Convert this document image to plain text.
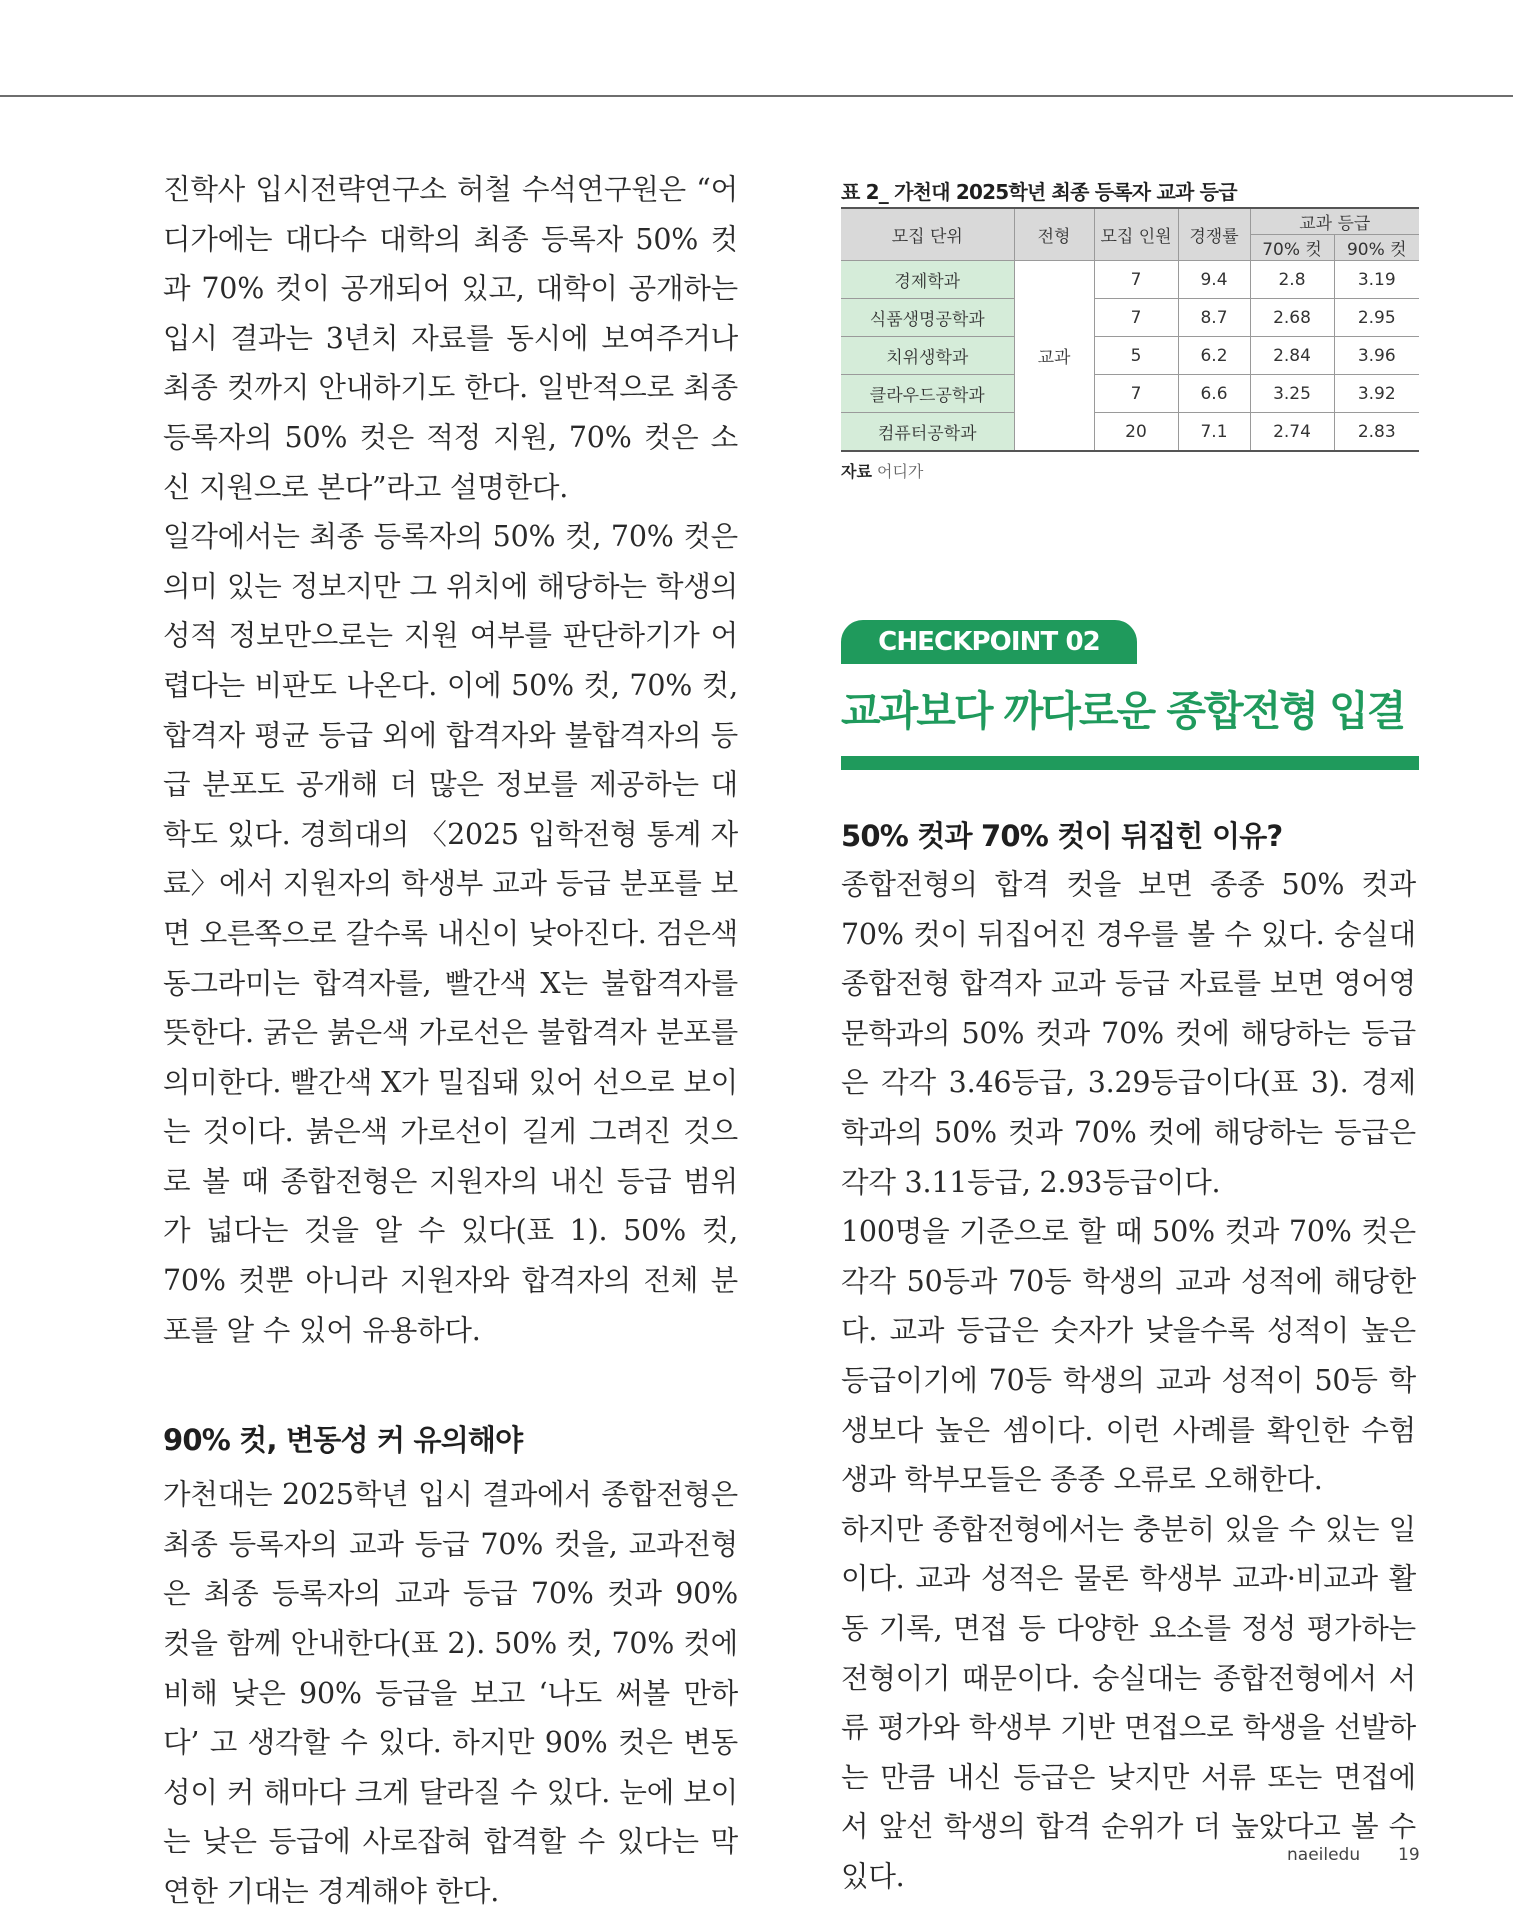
진학사 입시전략연구소 허철 수석연구원은 “어디가에는 대다수 대학의 최종 등록자 50% 컷과 70% 컷이 공개되어 있고, 대학이 공개하는 입시 결과는 3년치 자료를 동시에 보여주거나 최종 컷까지 안내하기도 한다. 일반적으로 최종 등록자의 50% 컷은 적정 지원, 70% 컷은 소신 지원으로 본다”라고 설명한다.

일각에서는 최종 등록자의 50% 컷, 70% 컷은 의미 있는 정보지만 그 위치에 해당하는 학생의 성적 정보만으로는 지원 여부를 판단하기가 어렵다는 비판도 나온다. 이에 50% 컷, 70% 컷, 합격자 평균 등급 외에 합격자와 불합격자의 등급 분포도 공개해 더 많은 정보를 제공하는 대학도 있다. 경희대의 〈2025 입학전형 통계 자료〉에서 지원자의 학생부 교과 등급 분포를 보면 오른쪽으로 갈수록 내신이 낮아진다. 검은색 동그라미는 합격자를, 빨간색 X는 불합격자를 뜻한다. 굵은 붉은색 가로선은 불합격자 분포를 의미한다. 빨간색 X가 밀집돼 있어 선으로 보이는 것이다. 붉은색 가로선이 길게 그려진 것으로 볼 때 종합전형은 지원자의 내신 등급 범위가 넓다는 것을 알 수 있다(표 1). 50% 컷, 70% 컷뿐 아니라 지원자와 합격자의 전체 분포를 알 수 있어 유용하다.

90% 컷, 변동성 커 유의해야

가천대는 2025학년 입시 결과에서 종합전형은 최종 등록자의 교과 등급 70% 컷을, 교과전형은 최종 등록자의 교과 등급 70% 컷과 90% 컷을 함께 안내한다(표 2). 50% 컷, 70% 컷에 비해 낮은 90% 등급을 보고 ‘나도 써볼 만하다’ 고 생각할 수 있다. 하지만 90% 컷은 변동성이 커 해마다 크게 달라질 수 있다. 눈에 보이는 낮은 등급에 사로잡혀 합격할 수 있다는 막연한 기대는 경계해야 한다.

표 2_ 가천대 2025학년 최종 등록자 교과 등급
모집 단위	전형	모집 인원	경쟁률	교과 등급	
				70% 컷	90% 컷
경제학과	교과	7	9.4	2.8	3.19
식품생명공학과		7	8.7	2.68	2.95
치위생학과		5	6.2	2.84	3.96
클라우드공학과		7	6.6	3.25	3.92
컴퓨터공학과		20	7.1	2.74	2.83
자료 어디가
CHECKPOINT 02
교과보다 까다로운 종합전형 입결
50% 컷과 70% 컷이 뒤집힌 이유?

종합전형의 합격 컷을 보면 종종 50% 컷과 70% 컷이 뒤집어진 경우를 볼 수 있다. 숭실대 종합전형 합격자 교과 등급 자료를 보면 영어영문학과의 50% 컷과 70% 컷에 해당하는 등급은 각각 3.46등급, 3.29등급이다(표 3). 경제학과의 50% 컷과 70% 컷에 해당하는 등급은 각각 3.11등급, 2.93등급이다.

100명을 기준으로 할 때 50% 컷과 70% 컷은 각각 50등과 70등 학생의 교과 성적에 해당한다. 교과 등급은 숫자가 낮을수록 성적이 높은 등급이기에 70등 학생의 교과 성적이 50등 학생보다 높은 셈이다. 이런 사례를 확인한 수험생과 학부모들은 종종 오류로 오해한다.

하지만 종합전형에서는 충분히 있을 수 있는 일이다. 교과 성적은 물론 학생부 교과·비교과 활동 기록, 면접 등 다양한 요소를 정성 평가하는 전형이기 때문이다. 숭실대는 종합전형에서 서류 평가와 학생부 기반 면접으로 학생을 선발하는 만큼 내신 등급은 낮지만 서류 또는 면접에서 앞선 학생의 합격 순위가 더 높았다고 볼 수 있다.

naeiledu 19
